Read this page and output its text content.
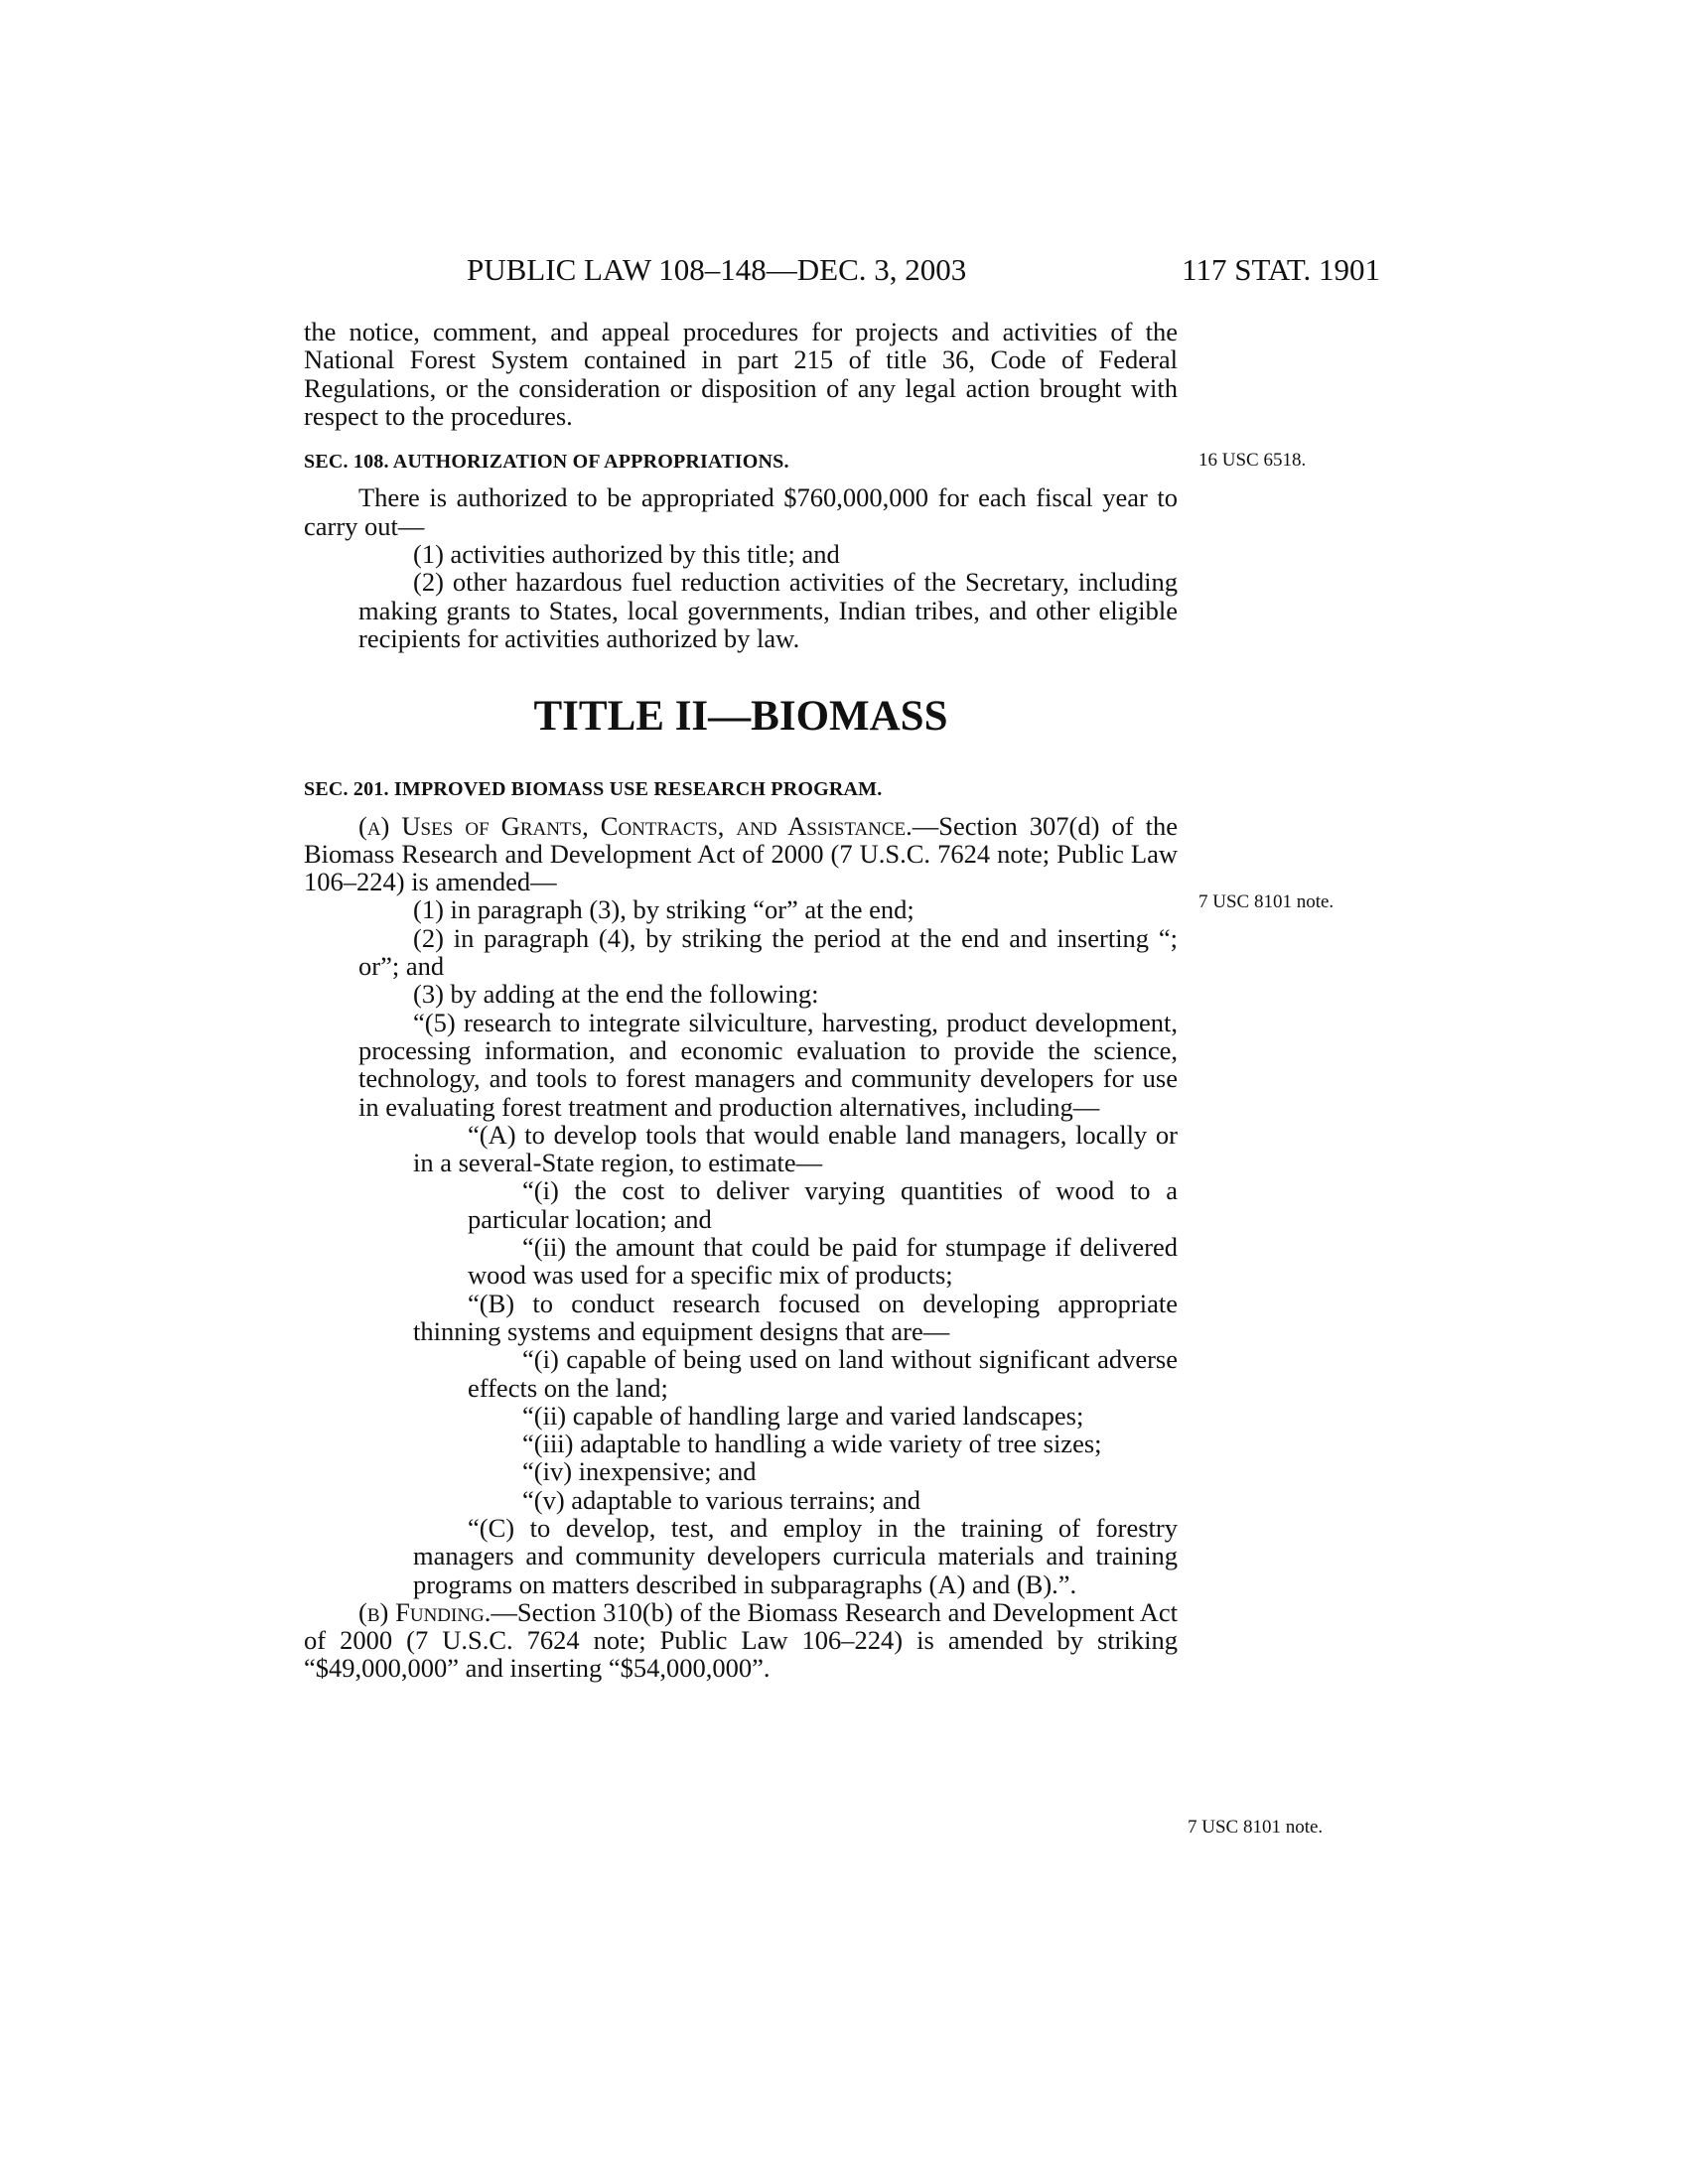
PUBLIC LAW 108–148—DEC. 3, 2003	117 STAT. 1901
16 USC 6518.
7 USC 8101 note.
7 USC 8101 note.

the notice, comment, and appeal procedures for projects and activities of the National Forest System contained in part 215 of title 36, Code of Federal Regulations, or the consideration or disposition of any legal action brought with respect to the procedures.

SEC. 108. AUTHORIZATION OF APPROPRIATIONS.

There is authorized to be appropriated $760,000,000 for each fiscal year to carry out—

(1) activities authorized by this title; and

(2) other hazardous fuel reduction activities of the Secretary, including making grants to States, local governments, Indian tribes, and other eligible recipients for activities authorized by law.

TITLE II—BIOMASS

SEC. 201. IMPROVED BIOMASS USE RESEARCH PROGRAM.

(a) Uses of Grants, Contracts, and Assistance.—Section 307(d) of the Biomass Research and Development Act of 2000 (7 U.S.C. 7624 note; Public Law 106–224) is amended—

(1) in paragraph (3), by striking “or” at the end;

(2) in paragraph (4), by striking the period at the end and inserting “; or”; and

(3) by adding at the end the following:

“(5) research to integrate silviculture, harvesting, product development, processing information, and economic evaluation to provide the science, technology, and tools to forest managers and community developers for use in evaluating forest treatment and production alternatives, including—

“(A) to develop tools that would enable land managers, locally or in a several-State region, to estimate—

“(i) the cost to deliver varying quantities of wood to a particular location; and

“(ii) the amount that could be paid for stumpage if delivered wood was used for a specific mix of products;

“(B) to conduct research focused on developing appropriate thinning systems and equipment designs that are—

“(i) capable of being used on land without significant adverse effects on the land;

“(ii) capable of handling large and varied landscapes;

“(iii) adaptable to handling a wide variety of tree sizes;

“(iv) inexpensive; and

“(v) adaptable to various terrains; and

“(C) to develop, test, and employ in the training of forestry managers and community developers curricula materials and training programs on matters described in subparagraphs (A) and (B).”.

(b) Funding.—Section 310(b) of the Biomass Research and Development Act of 2000 (7 U.S.C. 7624 note; Public Law 106–224) is amended by striking “$49,000,000” and inserting “$54,000,000”.
